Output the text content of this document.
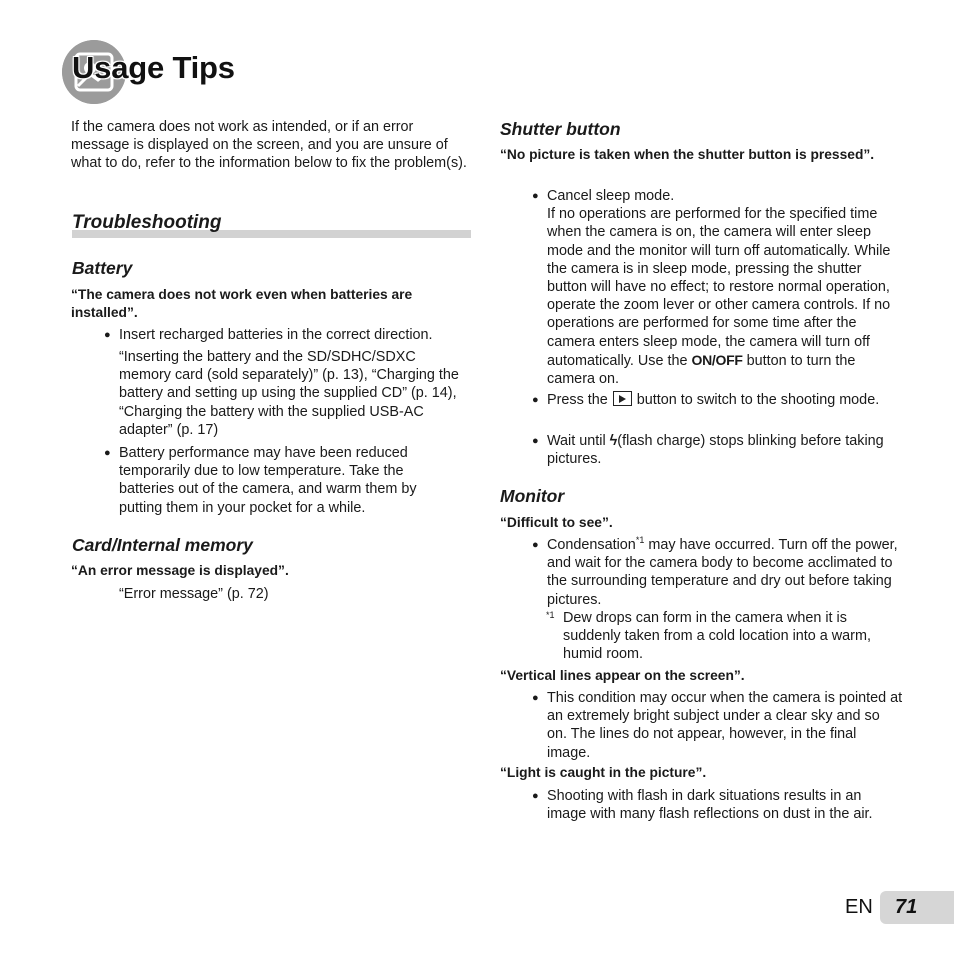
Usage Tips
If the camera does not work as intended, or if an error message is displayed on the screen, and you are unsure of what to do, refer to the information below to fix the problem(s).
Troubleshooting
Battery
“The camera does not work even when batteries are installed”.
● Insert recharged batteries in the correct direction.
“Inserting the battery and the SD/SDHC/SDXC memory card (sold separately)” (p. 13), “Charging the battery and setting up using the supplied CD” (p. 14), “Charging the battery with the supplied USB-AC adapter” (p. 17)
● Battery performance may have been reduced temporarily due to low temperature. Take the batteries out of the camera, and warm them by putting them in your pocket for a while.
Card/Internal memory
“An error message is displayed”.
“Error message” (p. 72)
Shutter button
“No picture is taken when the shutter button is pressed”.
● Cancel sleep mode.
If no operations are performed for the specified time when the camera is on, the camera will enter sleep mode and the monitor will turn off automatically. While the camera is in sleep mode, pressing the shutter button will have no effect; to restore normal operation, operate the zoom lever or other camera controls. If no operations are performed for some time after the camera enters sleep mode, the camera will turn off automatically. Use the ON/OFF button to turn the camera on.
● Press the button to switch to the shooting mode.
● Wait until ϟ(flash charge) stops blinking before taking pictures.
Monitor
“Difficult to see”.
● Condensation$^{*1}$ may have occurred. Turn off the power, and wait for the camera body to become acclimated to the surrounding temperature and dry out before taking pictures.
*1 Dew drops can form in the camera when it is suddenly taken from a cold location into a warm, humid room.
“Vertical lines appear on the screen”.
● This condition may occur when the camera is pointed at an extremely bright subject under a clear sky and so on. The lines do not appear, however, in the final image.
“Light is caught in the picture”.
● Shooting with flash in dark situations results in an image with many flash reflections on dust in the air.
EN 71
